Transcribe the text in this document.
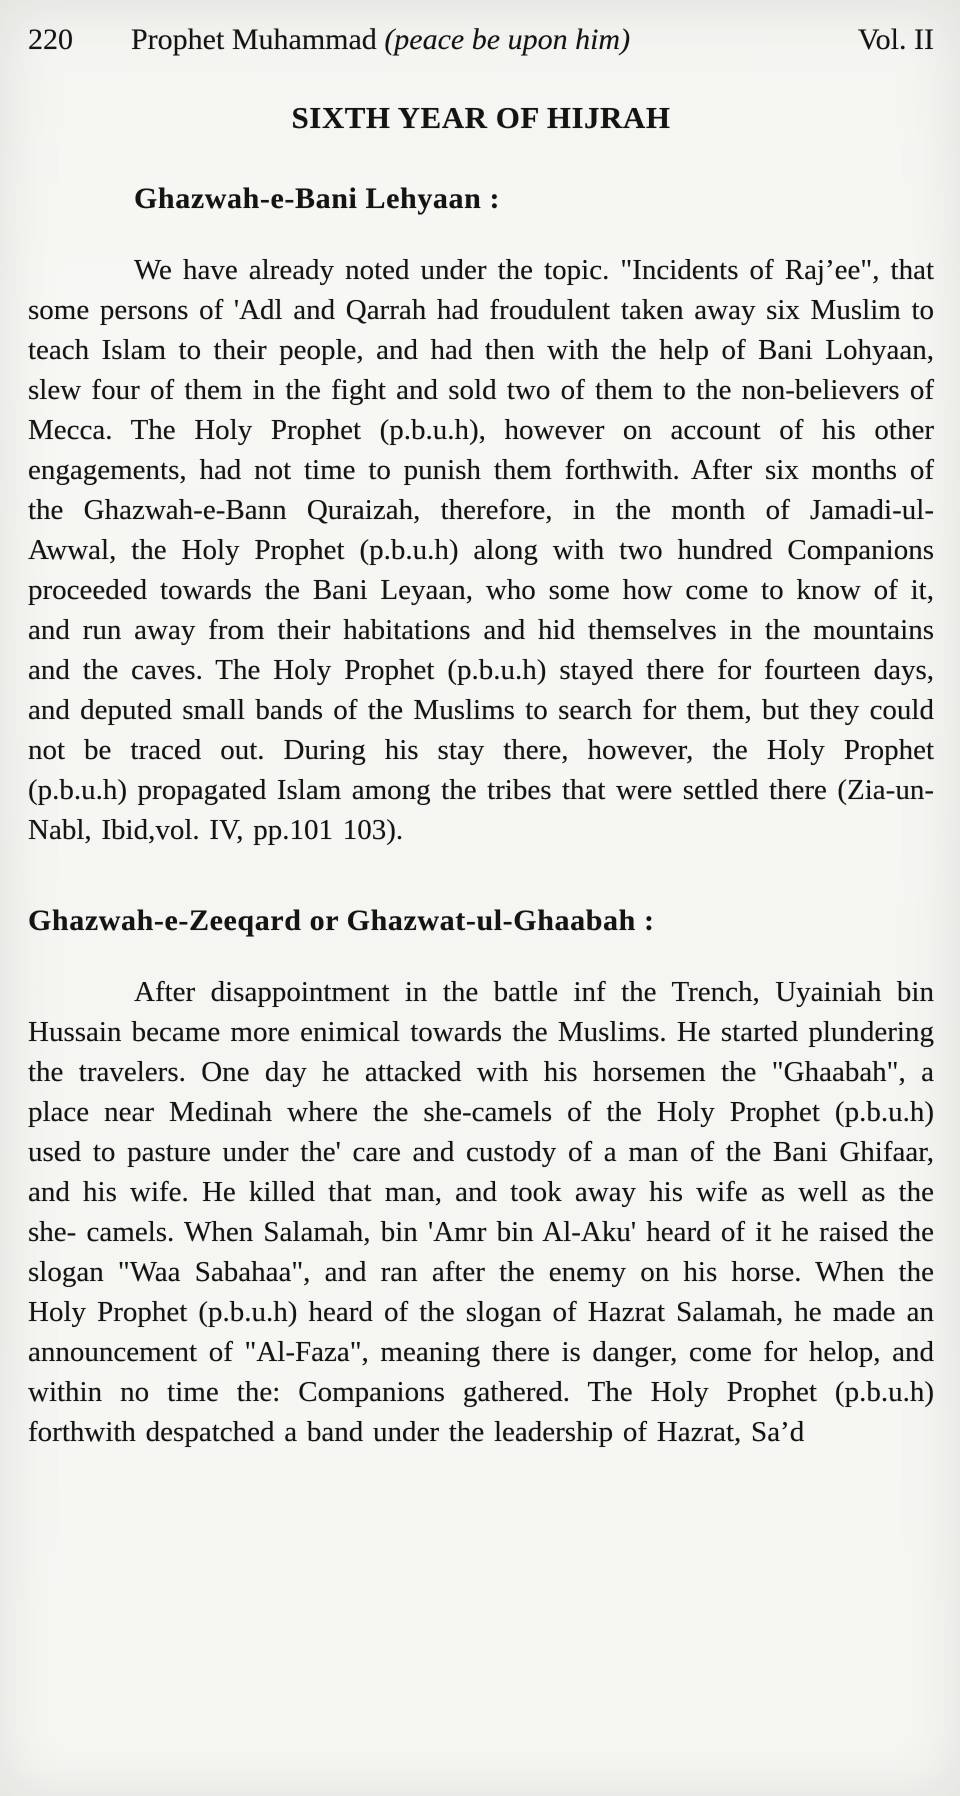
220 Prophet Muhammad (peace be upon him)	Vol. II
SIXTH YEAR OF HIJRAH
Ghazwah-e-Bani Lehyaan :

We have already noted under the topic. "Incidents of Raj’ee", that some persons of 'Adl and Qarrah had froudulent taken away six Muslim to teach Islam to their people, and had then with the help of Bani Lohyaan, slew four of them in the fight and sold two of them to the non-believers of Mecca. The Holy Prophet (p.b.u.h), however on account of his other engagements, had not time to punish them forthwith. After six months of the Ghazwah-e-Bann Quraizah, therefore, in the month of Jamadi-ul-Awwal, the Holy Prophet (p.b.u.h) along with two hundred Companions proceeded towards the Bani Leyaan, who some how come to know of it, and run away from their habitations and hid themselves in the mountains and the caves. The Holy Prophet (p.b.u.h) stayed there for fourteen days, and deputed small bands of the Muslims to search for them, but they could not be traced out. During his stay there, however, the Holy Prophet (p.b.u.h) propagated Islam among the tribes that were settled there (Zia-un-Nabl, Ibid,vol. IV, pp.101 103).

Ghazwah-e-Zeeqard or Ghazwat-ul-Ghaabah :

After disappointment in the battle inf the Trench, Uyainiah bin Hussain became more enimical towards the Muslims. He started plundering the travelers. One day he attacked with his horsemen the "Ghaabah", a place near Medinah where the she-camels of the Holy Prophet (p.b.u.h) used to pasture under the' care and custody of a man of the Bani Ghifaar, and his wife. He killed that man, and took away his wife as well as the she- camels. When Salamah, bin 'Amr bin Al-Aku' heard of it he raised the slogan "Waa Sabahaa", and ran after the enemy on his horse. When the Holy Prophet (p.b.u.h) heard of the slogan of Hazrat Salamah, he made an announcement of "Al-Faza", meaning there is danger, come for helop, and within no time the: Companions gathered. The Holy Prophet (p.b.u.h) forthwith despatched a band under the leadership of Hazrat, Sa’d
